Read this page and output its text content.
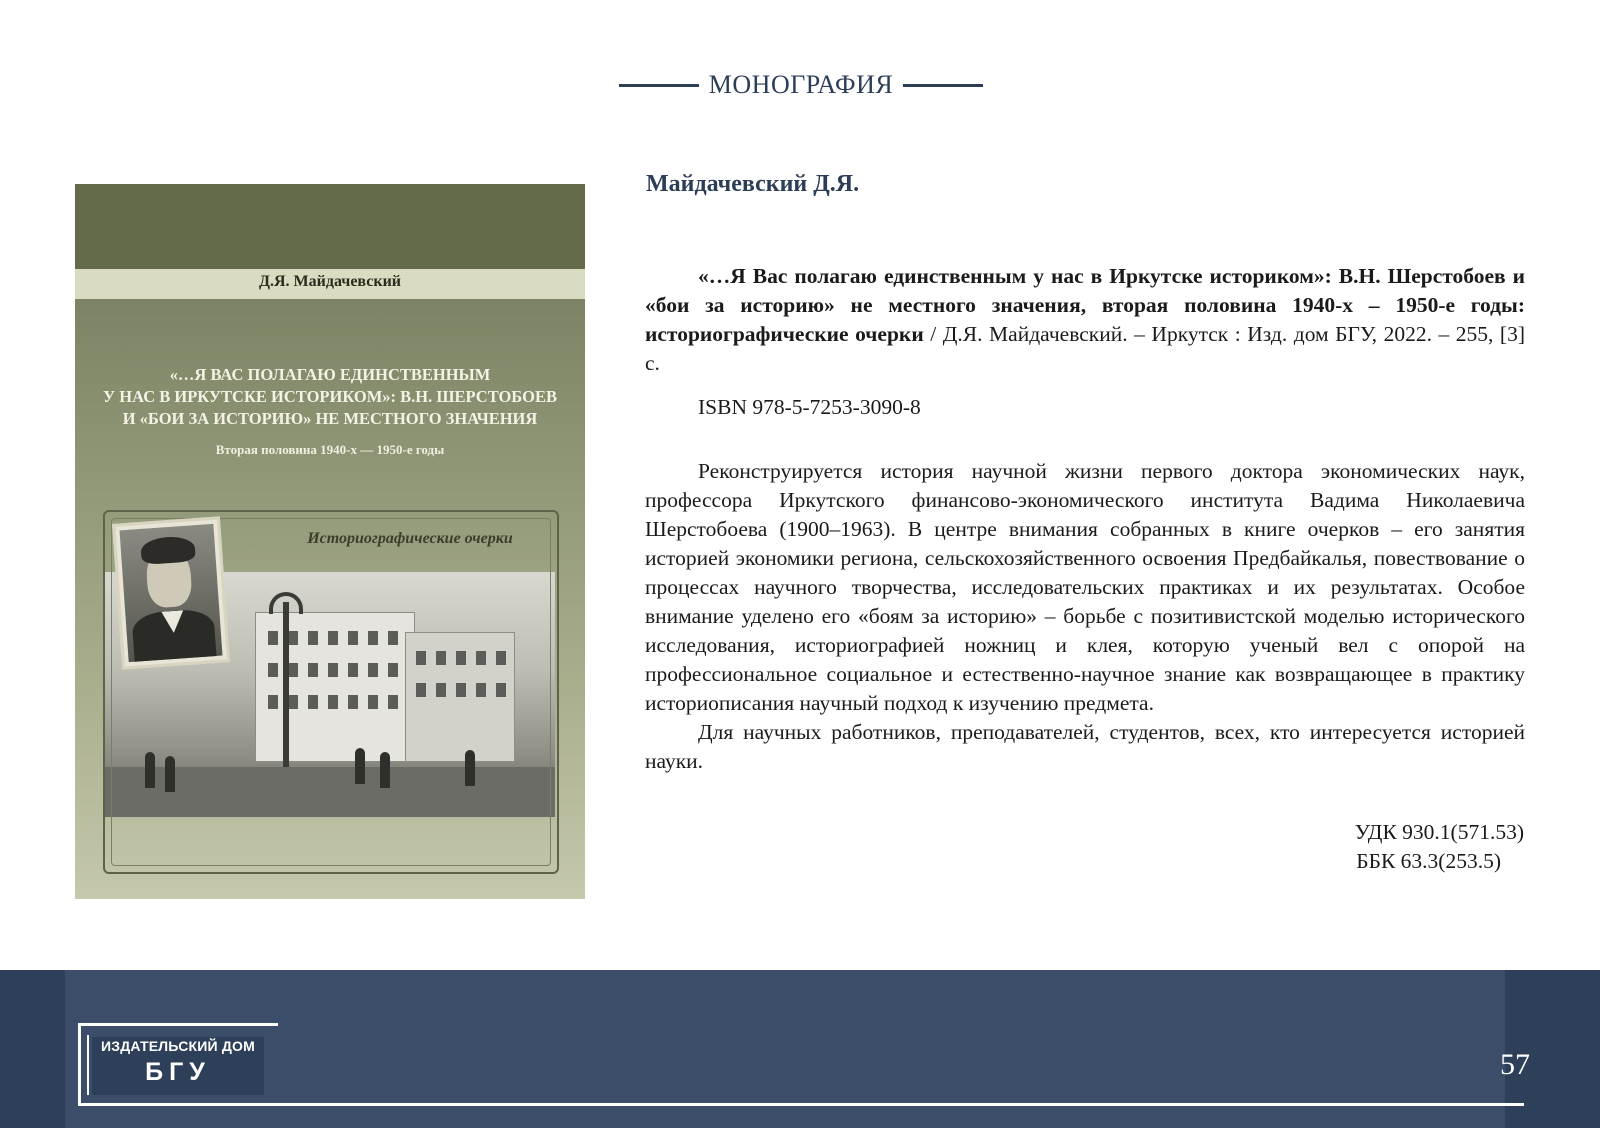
МОНОГРАФИЯ
Д.Я. Майдачевский
«…Я ВАС ПОЛАГАЮ ЕДИНСТВЕННЫМ
У НАС В ИРКУТСКЕ ИСТОРИКОМ»: В.Н. ШЕРСТОБОЕВ
И «БОИ ЗА ИСТОРИЮ» НЕ МЕСТНОГО ЗНАЧЕНИЯ
Вторая половина 1940-х — 1950-е годы
Историографические очерки
Майдачевский Д.Я.
«…Я Вас полагаю единственным у нас в Иркутске историком»: В.Н. Шерстобоев и «бои за историю» не местного значения, вторая половина 1940-х – 1950-е годы: историографические очерки / Д.Я. Майдачевский. – Иркутск : Изд. дом БГУ, 2022. – 255, [3] с.
ISBN 978-5-7253-3090-8

Реконструируется история научной жизни первого доктора экономических наук, профессора Иркутского финансово-экономического института Вадима Николаевича Шерстобоева (1900–1963). В центре внимания собранных в книге очерков – его занятия историей экономики региона, сельскохозяйственного освоения Предбайкалья, повествование о процессах научного творчества, исследовательских практиках и их результатах. Особое внимание уделено его «боям за историю» – борьбе с позитивистской моделью исторического исследования, историографией ножниц и клея, которую ученый вел с опорой на профессиональное социальное и естественно-научное знание как возвращающее в практику историописания научный подход к изучению предмета.

Для научных работников, преподавателей, студентов, всех, кто интересуется историей науки.

УДК 930.1(571.53)
ББК 63.3(253.5)
ИЗДАТЕЛЬСКИЙ ДОМ
БГУ	57
